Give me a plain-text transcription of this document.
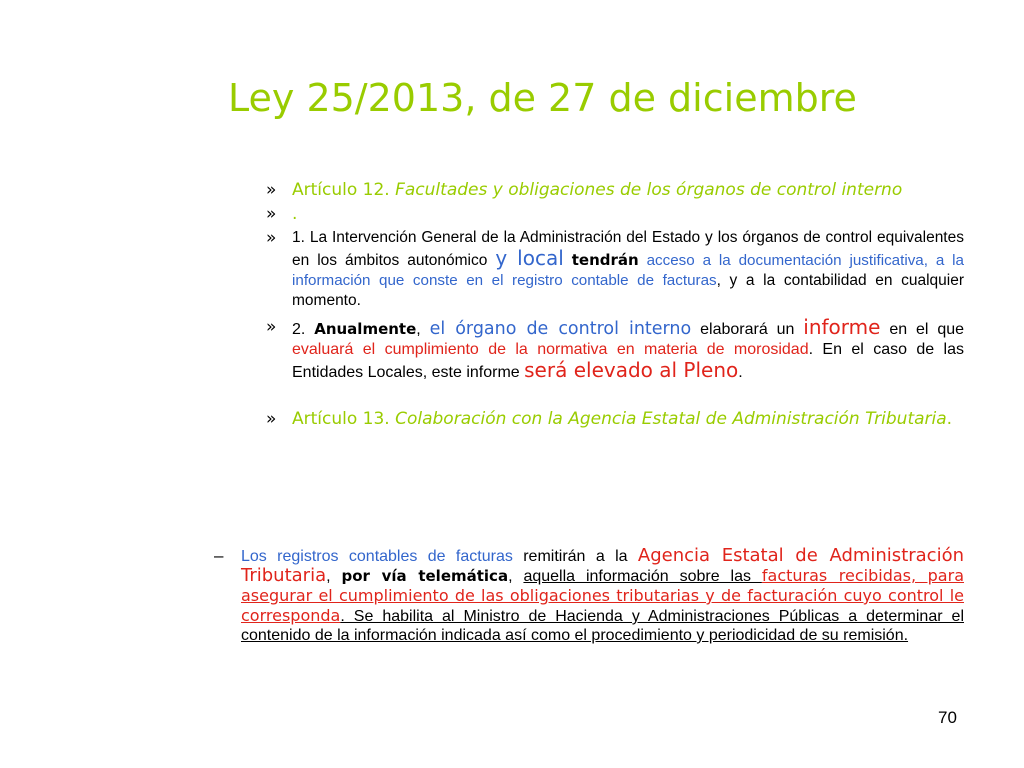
Ley 25/2013, de 27 de diciembre
» Artículo 12. Facultades y obligaciones de los órganos de control interno
» .
»	1. La Intervención General de la Administración del Estado y los órganos de control equivalentes en los ámbitos autonómico y local tendrán acceso a la documentación justificativa, a la información que conste en el registro contable de facturas, y a la contabilidad en cualquier momento.
» 2. Anualmente, el órgano de control interno elaborará un informe en el que evaluará el cumplimiento de la normativa en materia de morosidad. En el caso de las Entidades Locales, este informe será elevado al Pleno.
» Artículo 13. Colaboración con la Agencia Estatal de Administración Tributaria.
–	Los registros contables de facturas remitirán a la Agencia Estatal de Administración Tributaria, por vía telemática, aquella información sobre las facturas recibidas, para asegurar el cumplimiento de las obligaciones tributarias y de facturación cuyo control le corresponda. Se habilita al Ministro de Hacienda y Administraciones Públicas a determinar el contenido de la información indicada así como el procedimiento y periodicidad de su remisión.
70
